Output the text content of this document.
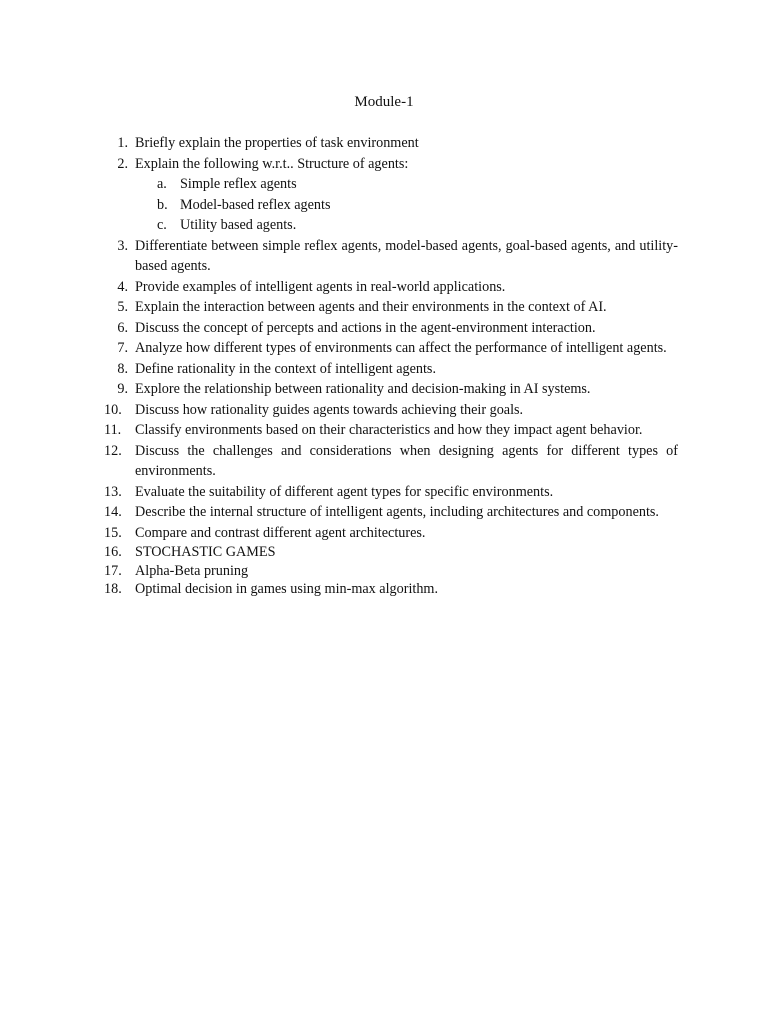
Module-1
1. Briefly explain the properties of task environment
2. Explain the following w.r.t.. Structure of agents:
a. Simple reflex agents
b. Model-based reflex agents
c. Utility based agents.
3. Differentiate between simple reflex agents, model-based agents, goal-based agents, and utility-based agents.
4. Provide examples of intelligent agents in real-world applications.
5. Explain the interaction between agents and their environments in the context of AI.
6. Discuss the concept of percepts and actions in the agent-environment interaction.
7. Analyze how different types of environments can affect the performance of intelligent agents.
8. Define rationality in the context of intelligent agents.
9. Explore the relationship between rationality and decision-making in AI systems.
10. Discuss how rationality guides agents towards achieving their goals.
11. Classify environments based on their characteristics and how they impact agent behavior.
12. Discuss the challenges and considerations when designing agents for different types of environments.
13. Evaluate the suitability of different agent types for specific environments.
14. Describe the internal structure of intelligent agents, including architectures and components.
15. Compare and contrast different agent architectures.
16. STOCHASTIC GAMES
17. Alpha-Beta pruning
18. Optimal decision in games using min-max algorithm.
